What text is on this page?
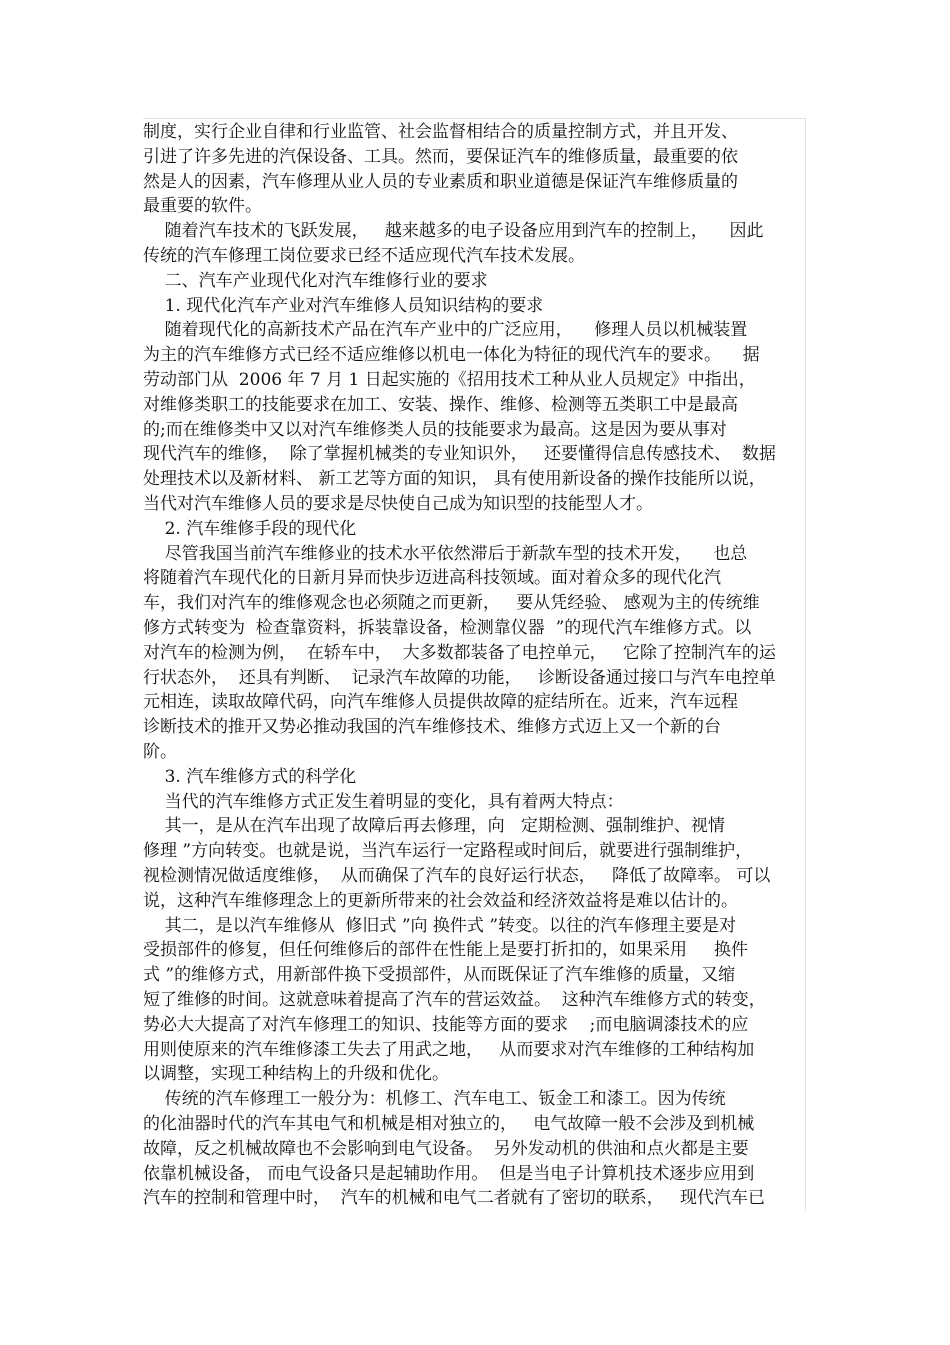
制度，实行企业自律和行业监管、社会监督相结合的质量控制方式，并且开发、
引进了许多先进的汽保设备、工具。然而，要保证汽车的维修质量，最重要的依
然是人的因素，汽车修理从业人员的专业素质和职业道德是保证汽车维修质量的
最重要的软件。
随着汽车技术的飞跃发展，   越来越多的电子设备应用到汽车的控制上，    因此
传统的汽车修理工岗位要求已经不适应现代汽车技术发展。
二、汽车产业现代化对汽车维修行业的要求
1. 现代化汽车产业对汽车维修人员知识结构的要求
随着现代化的高新技术产品在汽车产业中的广泛应用，    修理人员以机械装置
为主的汽车维修方式已经不适应维修以机电一体化为特征的现代汽车的要求。    据
劳动部门从  2006 年 7 月 1 日起实施的《招用技术工种从业人员规定》中指出，
对维修类职工的技能要求在加工、安装、操作、维修、检测等五类职工中是最高
的;而在维修类中又以对汽车维修类人员的技能要求为最高。这是因为要从事对
现代汽车的维修，  除了掌握机械类的专业知识外，   还要懂得信息传感技术、  数据
处理技术以及新材料、 新工艺等方面的知识， 具有使用新设备的操作技能所以说，
当代对汽车维修人员的要求是尽快使自己成为知识型的技能型人才。
2. 汽车维修手段的现代化
尽管我国当前汽车维修业的技术水平依然滞后于新款车型的技术开发，    也总
将随着汽车现代化的日新月异而快步迈进高科技领域。面对着众多的现代化汽
车，我们对汽车的维修观念也必须随之而更新，   要从凭经验、 感观为主的传统维
修方式转变为  检查靠资料，拆装靠设备，检测靠仪器  ”的现代汽车维修方式。以
对汽车的检测为例，  在轿车中，  大多数都装备了电控单元，   它除了控制汽车的运
行状态外，  还具有判断、  记录汽车故障的功能，   诊断设备通过接口与汽车电控单
元相连，读取故障代码，向汽车维修人员提供故障的症结所在。近来，汽车远程
诊断技术的推开又势必推动我国的汽车维修技术、维修方式迈上又一个新的台
阶。
3. 汽车维修方式的科学化
当代的汽车维修方式正发生着明显的变化，具有着两大特点：
其一，是从在汽车出现了故障后再去修理，向   定期检测、强制维护、视情
修理 ”方向转变。也就是说，当汽车运行一定路程或时间后，就要进行强制维护，
视检测情况做适度维修，  从而确保了汽车的良好运行状态，   降低了故障率。 可以
说，这种汽车维修理念上的更新所带来的社会效益和经济效益将是难以估计的。
其二，是以汽车维修从  修旧式 ”向 换件式 ”转变。以往的汽车修理主要是对
受损部件的修复，但任何维修后的部件在性能上是要打折扣的，如果采用     换件
式 ”的维修方式，用新部件换下受损部件，从而既保证了汽车维修的质量，又缩
短了维修的时间。这就意味着提高了汽车的营运效益。  这种汽车维修方式的转变，
势必大大提高了对汽车修理工的知识、技能等方面的要求    ;而电脑调漆技术的应
用则使原来的汽车维修漆工失去了用武之地，   从而要求对汽车维修的工种结构加
以调整，实现工种结构上的升级和优化。
传统的汽车修理工一般分为：机修工、汽车电工、钣金工和漆工。因为传统
的化油器时代的汽车其电气和机械是相对独立的，   电气故障一般不会涉及到机械
故障，反之机械故障也不会影响到电气设备。  另外发动机的供油和点火都是主要
依靠机械设备， 而电气设备只是起辅助作用。  但是当电子计算机技术逐步应用到
汽车的控制和管理中时，  汽车的机械和电气二者就有了密切的联系，   现代汽车已
